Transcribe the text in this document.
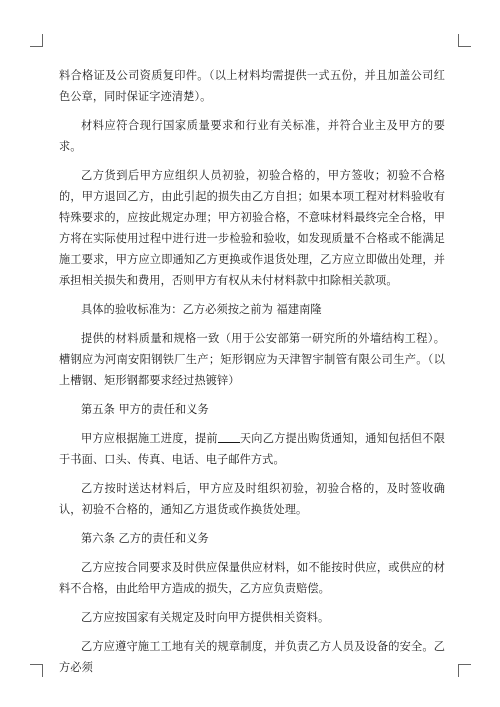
料合格证及公司资质复印件。（以上材料均需提供一式五份，并且加盖公司红色公章，同时保证字迹清楚）。

材料应符合现行国家质量要求和行业有关标准，并符合业主及甲方的要求。

乙方货到后甲方应组织人员初验，初验合格的，甲方签收；初验不合格的，甲方退回乙方，由此引起的损失由乙方自担；如果本项工程对材料验收有特殊要求的，应按此规定办理；甲方初验合格，不意味材料最终完全合格，甲方将在实际使用过程中进行进一步检验和验收，如发现质量不合格或不能满足施工要求，甲方应立即通知乙方更换或作退货处理，乙方应立即做出处理，并承担相关损失和费用，否则甲方有权从未付材料款中扣除相关款项。

具体的验收标准为：乙方必须按之前为 福建南隆

提供的材料质量和规格一致（用于公安部第一研究所的外墙结构工程）。槽钢应为河南安阳钢铁厂生产；矩形钢应为天津智宇制管有限公司生产。（以上槽钢、矩形钢都要求经过热镀锌）

第五条 甲方的责任和义务

甲方应根据施工进度，提前 天向乙方提出购货通知，通知包括但不限于书面、口头、传真、电话、电子邮件方式。

乙方按时送达材料后，甲方应及时组织初验，初验合格的，及时签收确认，初验不合格的，通知乙方退货或作换货处理。

第六条 乙方的责任和义务

乙方应按合同要求及时供应保量供应材料，如不能按时供应，或供应的材料不合格，由此给甲方造成的损失，乙方应负责赔偿。

乙方应按国家有关规定及时向甲方提供相关资料。

乙方应遵守施工工地有关的规章制度，并负责乙方人员及设备的安全。乙方必须
